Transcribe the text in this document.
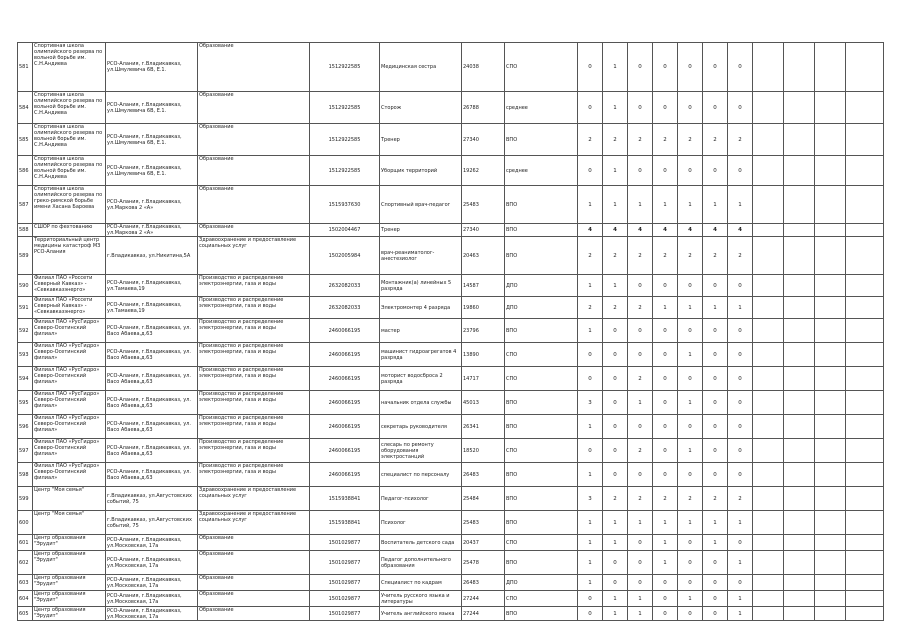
581	Спортивная школа олимпийского резерва по вольной борьбе им. С.Н.Андиева	РСО-Алания, г.Владикавказ, ул.Шмулевича 6В, Е.1.	Образование	1512922585	Медицинская сестра	24038	СПО	0	1	0	0	0	0	0				
584	Спортивная школа олимпийского резерва по вольной борьбе им. С.Н.Андиева	РСО-Алания, г.Владикавказ, ул.Шмулевича 6В, Е.1.	Образование	1512922585	Сторож	26788	среднее	0	1	0	0	0	0	0				
585	Спортивная школа олимпийского резерва по вольной борьбе им. С.Н.Андиева	РСО-Алания, г.Владикавказ, ул.Шмулевича 6В, Е.1.	Образование	1512922585	Тренер	27340	ВПО	2	2	2	2	2	2	2				
586	Спортивная школа олимпийского резерва по вольной борьбе им. С.Н.Андиева	РСО-Алания, г.Владикавказ, ул.Шмулевича 6В, Е.1.	Образование	1512922585	Уборщик территорий	19262	среднее	0	1	0	0	0	0	0				
587	Спортивная школа олимпийского резерва по греко-римской борьбе имени Хасана Бароева	РСО-Алания, г.Владикавказ, ул.Маркова 2 «А»	Образование	1515937630	Спортивный врач-педагог	25483	ВПО	1	1	1	1	1	1	1				
588	СШОР по фехтованию	РСО-Алания, г.Владикавказ, ул.Маркова 2 «А»	Образование	1502004467	Тренер	27340	ВПО	4	4	4	4	4	4	4				
589	Территориальный центр медицины катастроф МЗ РСО-Алания	г.Владикавказ, ул.Никитина,5А	Здравоохранение и предоставление социальных услуг	1502005984	врач-реаниматолог-анестезиолог	20463	ВПО	2	2	2	2	2	2	2				
590	Филиал ПАО «Россети Северный Кавказ» - «Севкавказэнерго»	РСО-Алания, г.Владикавказ, ул.Тамаева,19	Производство и распределение электроэнергии, газа и воды	2632082033	Монтажник(а) линейных 5 разряда	14587	ДПО	1	1	0	0	0	0	0				
591	Филиал ПАО «Россети Северный Кавказ» - «Севкавказэнерго»	РСО-Алания, г.Владикавказ, ул.Тамаева,19	Производство и распределение электроэнергии, газа и воды	2632082033	Электромонтер 4 разряда	19860	ДПО	2	2	2	1	1	1	1				
592	Филиал ПАО «РусГидро» Северо-Осетинский филиал»	РСО-Алания, г.Владикавказ, ул. Васо Абаева,д.63	Производство и распределение электроэнергии, газа и воды	2460066195	мастер	23796	ВПО	1	0	0	0	0	0	0				
593	Филиал ПАО «РусГидро» Северо-Осетинский филиал»	РСО-Алания, г.Владикавказ, ул. Васо Абаева,д.63	Производство и распределение электроэнергии, газа и воды	2460066195	машинист гидроагрегатов 4 разряда	13890	СПО	0	0	0	0	1	0	0				
594	Филиал ПАО «РусГидро» Северо-Осетинский филиал»	РСО-Алания, г.Владикавказ, ул. Васо Абаева,д.63	Производство и распределение электроэнергии, газа и воды	2460066195	моторист водосброса 2 разряда	14717	СПО	0	0	2	0	0	0	0				
595	Филиал ПАО «РусГидро» Северо-Осетинский филиал»	РСО-Алания, г.Владикавказ, ул. Васо Абаева,д.63	Производство и распределение электроэнергии, газа и воды	2460066195	начальник отдела службы	45013	ВПО	3	0	1	0	1	0	0				
596	Филиал ПАО «РусГидро» Северо-Осетинский филиал»	РСО-Алания, г.Владикавказ, ул. Васо Абаева,д.63	Производство и распределение электроэнергии, газа и воды	2460066195	секретарь руководителя	26341	ВПО	1	0	0	0	0	0	0				
597	Филиал ПАО «РусГидро» Северо-Осетинский филиал»	РСО-Алания, г.Владикавказ, ул. Васо Абаева,д.63	Производство и распределение электроэнергии, газа и воды	2460066195	слесарь по ремонту оборудования электростанций	18520	СПО	0	0	2	0	1	0	0				
598	Филиал ПАО «РусГидро» Северо-Осетинский филиал»	РСО-Алания, г.Владикавказ, ул. Васо Абаева,д.63	Производство и распределение электроэнергии, газа и воды	2460066195	специалист по персоналу	26483	ВПО	1	0	0	0	0	0	0				
599	Центр "Моя семья"	г.Владикавказ, ул.Августовских событий, 75	Здравоохранение и предоставление социальных услуг	1515938841	Педагог-психолог	25484	ВПО	3	2	2	2	2	2	2				
600	Центр "Моя семья"	г.Владикавказ, ул.Августовских событий, 75	Здравоохранение и предоставление социальных услуг	1515938841	Психолог	25483	ВПО	1	1	1	1	1	1	1				
601	Центр образования "Эрудит"	РСО-Алания, г.Владикавказ, ул.Московская, 17а	Образование	1501029877	Воспитатель детского сада	20437	СПО	1	1	0	1	0	1	0				
602	Центр образования "Эрудит"	РСО-Алания, г.Владикавказ, ул.Московская, 17а	Образование	1501029877	Педагог дополнительного образования	25478	ВПО	1	0	0	1	0	0	1				
603	Центр образования "Эрудит"	РСО-Алания, г.Владикавказ, ул.Московская, 17а	Образование	1501029877	Специалист по кадрам	26483	ДПО	1	0	0	0	0	0	0				
604	Центр образования "Эрудит"	РСО-Алания, г.Владикавказ, ул.Московская, 17а	Образование	1501029877	Учитель русского языка и литературы	27244	СПО	0	1	1	0	1	0	1				
605	Центр образования "Эрудит"	РСО-Алания, г.Владикавказ, ул.Московская, 17а	Образование	1501029877	Учитель английского языка	27244	ВПО	0	1	1	0	0	0	1				
